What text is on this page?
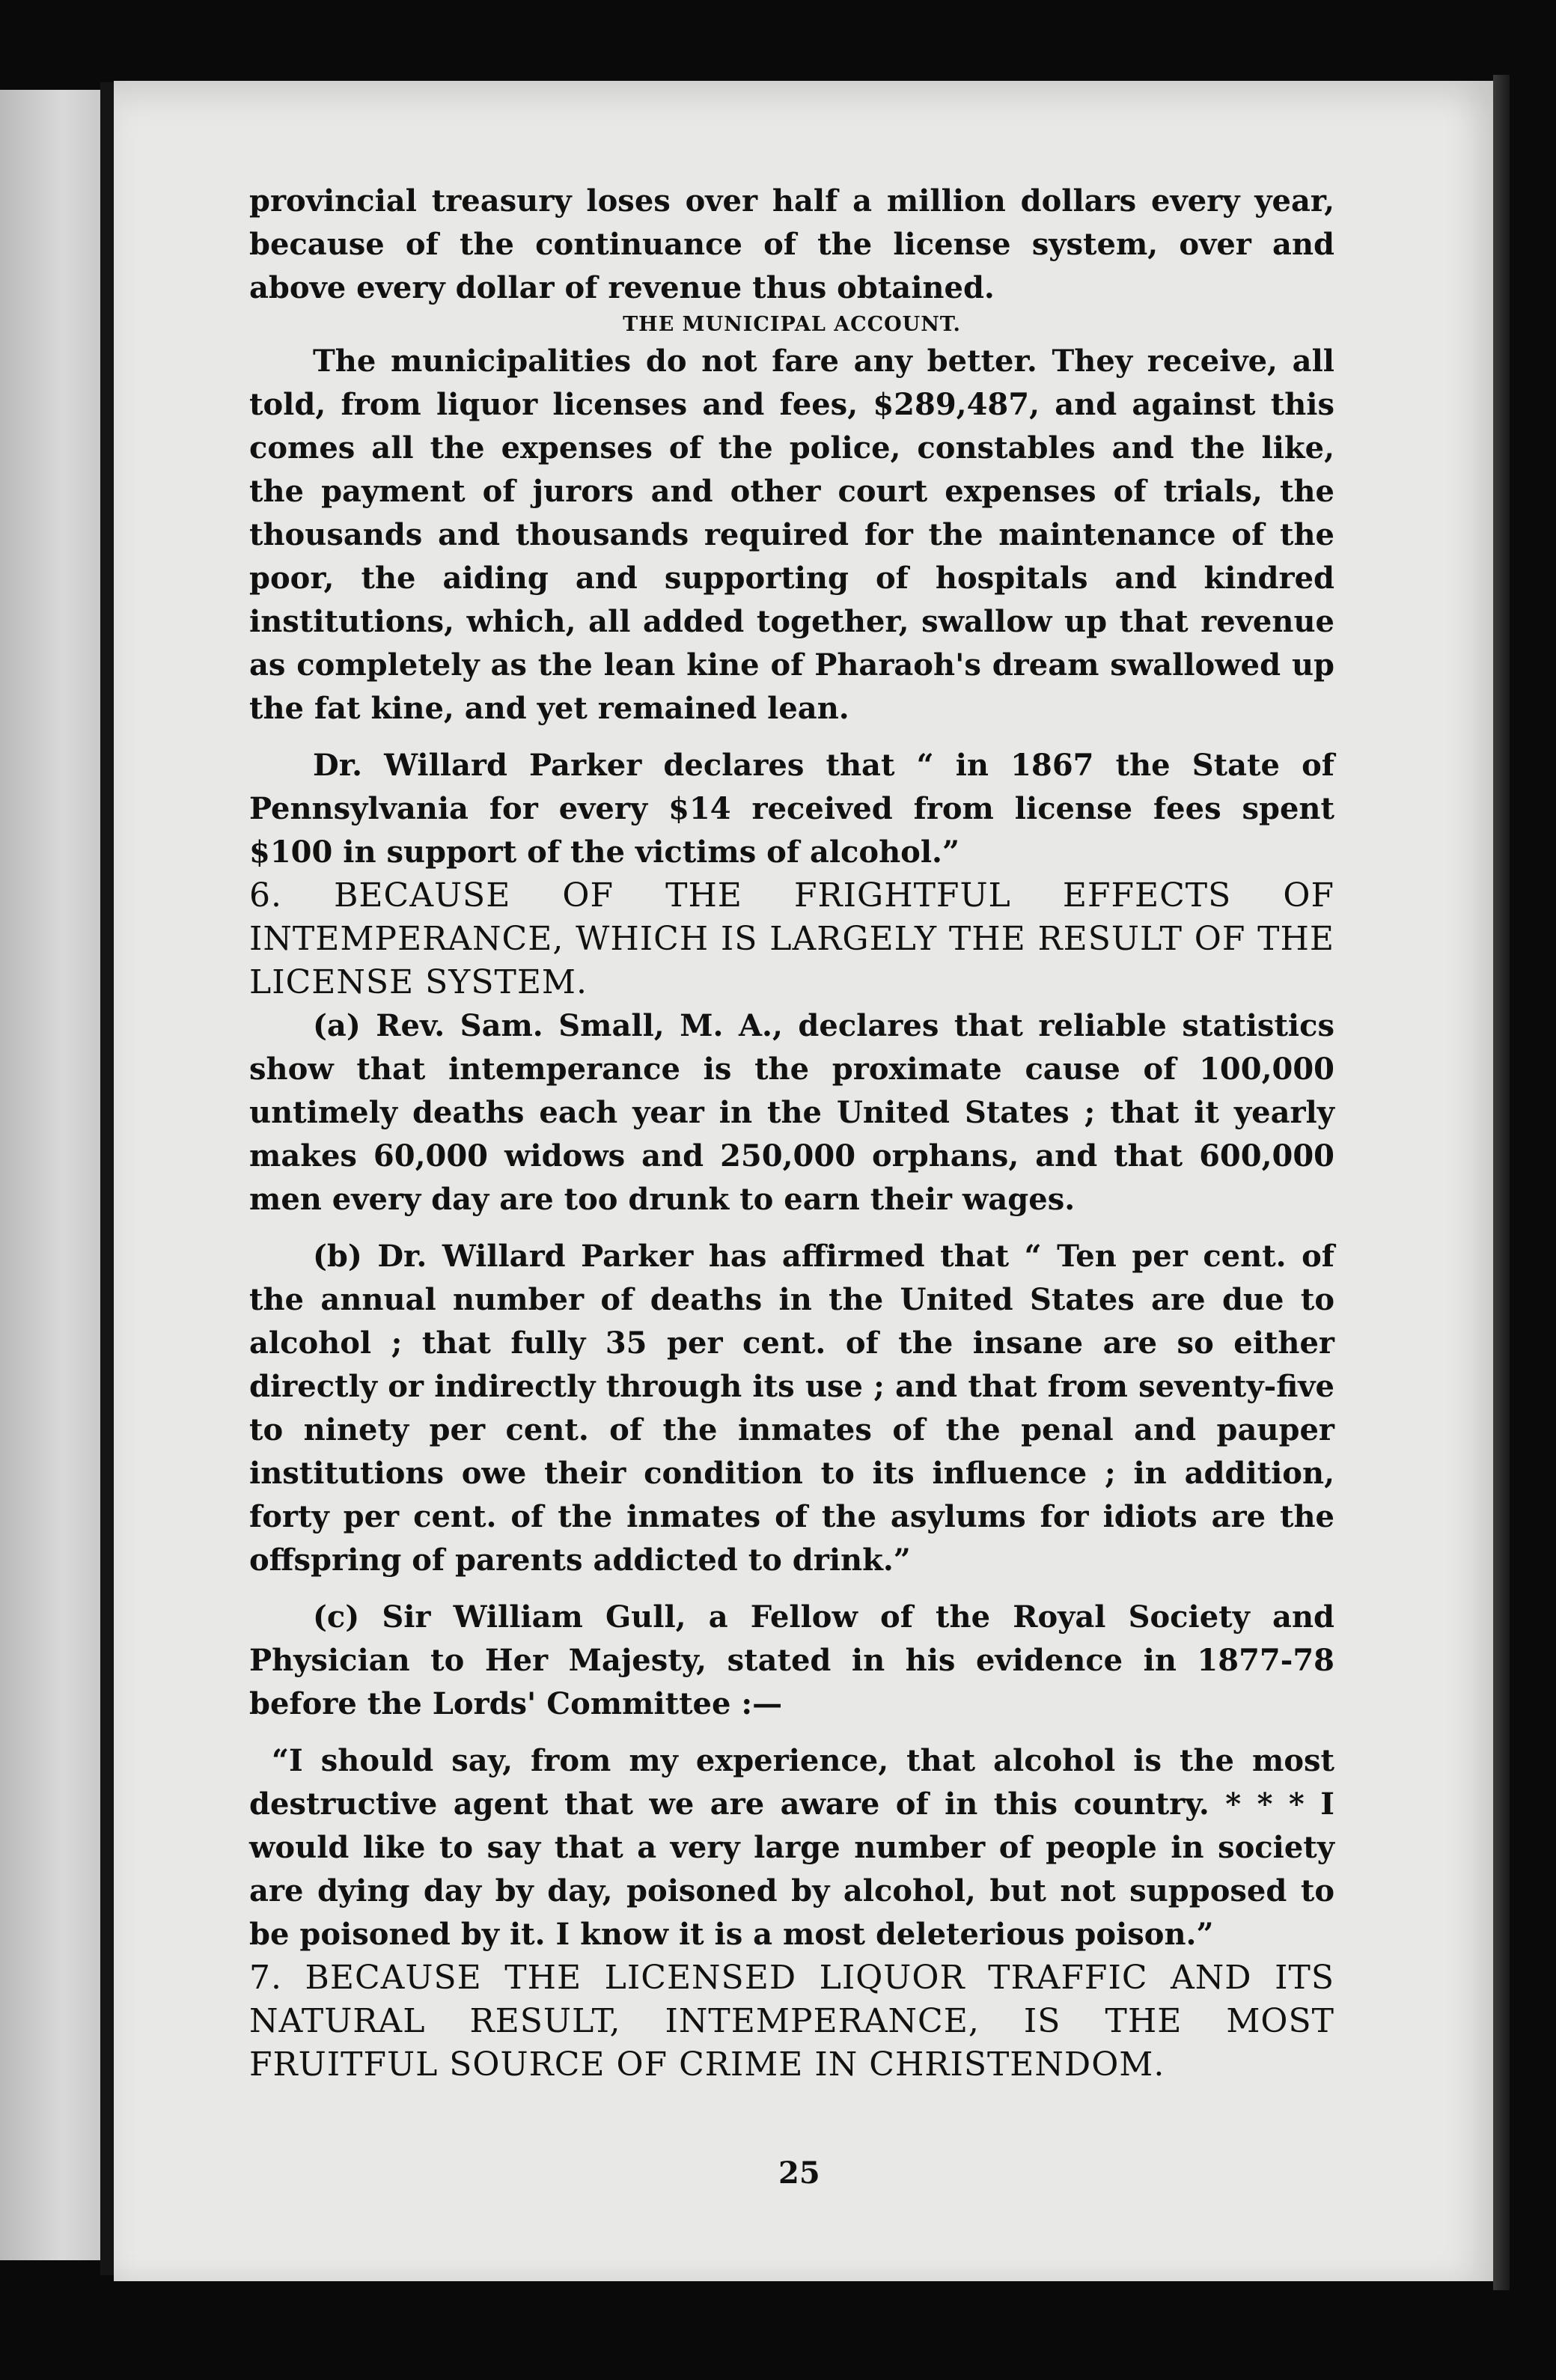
provincial treasury loses over half a million dollars every year, because of the continuance of the license system, over and above every dollar of revenue thus obtained.

THE MUNICIPAL ACCOUNT.

The municipalities do not fare any better. They receive, all told, from liquor licenses and fees, $289,487, and against this comes all the expenses of the police, constables and the like, the payment of jurors and other court expenses of trials, the thousands and thousands required for the maintenance of the poor, the aiding and supporting of hospitals and kindred institutions, which, all added together, swallow up that revenue as completely as the lean kine of Pharaoh's dream swallowed up the fat kine, and yet remained lean.

Dr. Willard Parker declares that “ in 1867 the State of Pennsylvania for every $14 received from license fees spent $100 in support of the victims of alcohol.”

6. BECAUSE OF THE FRIGHTFUL EFFECTS OF INTEMPERANCE, WHICH IS LARGELY THE RESULT OF THE LICENSE SYSTEM.

(a) Rev. Sam. Small, M. A., declares that reliable statistics show that intemperance is the proximate cause of 100,000 untimely deaths each year in the United States ; that it yearly makes 60,000 widows and 250,000 orphans, and that 600,000 men every day are too drunk to earn their wages.

(b) Dr. Willard Parker has affirmed that “ Ten per cent. of the annual number of deaths in the United States are due to alcohol ; that fully 35 per cent. of the insane are so either directly or indirectly through its use ; and that from seventy-five to ninety per cent. of the inmates of the penal and pauper institutions owe their condition to its influence ; in addition, forty per cent. of the inmates of the asylums for idiots are the offspring of parents addicted to drink.”

(c) Sir William Gull, a Fellow of the Royal Society and Physician to Her Majesty, stated in his evidence in 1877-78 before the Lords' Committee :—

“I should say, from my experience, that alcohol is the most destructive agent that we are aware of in this country. * * * I would like to say that a very large number of people in society are dying day by day, poisoned by alcohol, but not supposed to be poisoned by it. I know it is a most deleterious poison.”

7. BECAUSE THE LICENSED LIQUOR TRAFFIC AND ITS NATURAL RESULT, INTEMPERANCE, IS THE MOST FRUITFUL SOURCE OF CRIME IN CHRISTENDOM.

25
